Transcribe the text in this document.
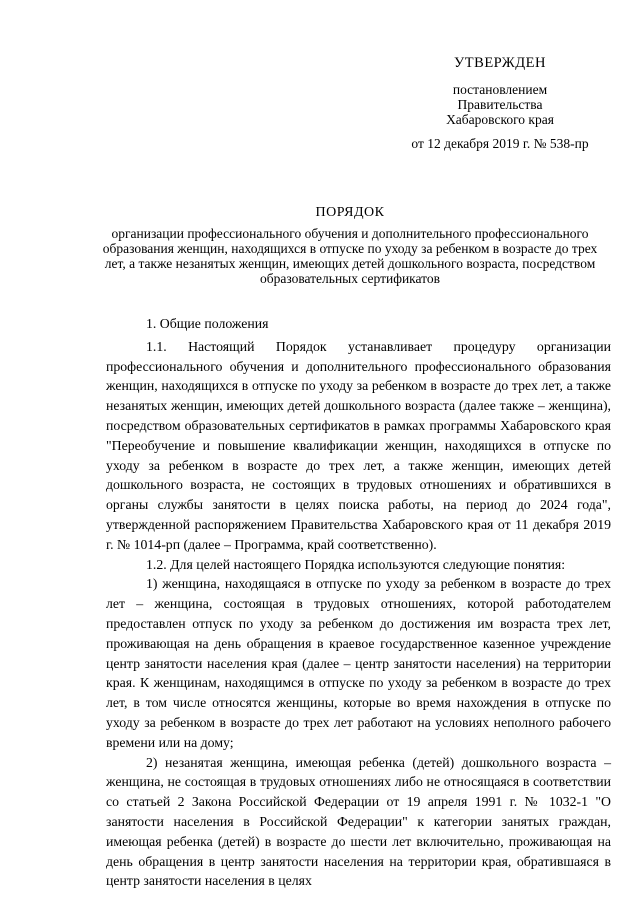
УТВЕРЖДЕН
постановлением
Правительства
Хабаровского края
от 12 декабря 2019 г. № 538-пр
ПОРЯДОК
организации профессионального обучения и дополнительного профессионального образования женщин, находящихся в отпуске по уходу за ребенком в возрасте до трех лет, а также незанятых женщин, имеющих детей дошкольного возраста, посредством образовательных сертификатов

1. Общие положения

1.1. Настоящий Порядок устанавливает процедуру организации профессионального обучения и дополнительного профессионального образования женщин, находящихся в отпуске по уходу за ребенком в возрасте до трех лет, а также незанятых женщин, имеющих детей дошкольного возраста (далее также – женщина), посредством образовательных сертификатов в рамках программы Хабаровского края "Переобучение и повышение квалификации женщин, находящихся в отпуске по уходу за ребенком в возрасте до трех лет, а также женщин, имеющих детей дошкольного возраста, не состоящих в трудовых отношениях и обратившихся в органы службы занятости в целях поиска работы, на период до 2024 года", утвержденной распоряжением Правительства Хабаровского края от 11 декабря 2019 г. № 1014-рп (далее – Программа, край соответственно).

1.2. Для целей настоящего Порядка используются следующие понятия:

1) женщина, находящаяся в отпуске по уходу за ребенком в возрасте до трех лет – женщина, состоящая в трудовых отношениях, которой работодателем предоставлен отпуск по уходу за ребенком до достижения им возраста трех лет, проживающая на день обращения в краевое государственное казенное учреждение центр занятости населения края (далее – центр занятости населения) на территории края. К женщинам, находящимся в отпуске по уходу за ребенком в возрасте до трех лет, в том числе относятся женщины, которые во время нахождения в отпуске по уходу за ребенком в возрасте до трех лет работают на условиях неполного рабочего времени или на дому;

2) незанятая женщина, имеющая ребенка (детей) дошкольного возраста – женщина, не состоящая в трудовых отношениях либо не относящаяся в соответствии со статьей 2 Закона Российской Федерации от 19 апреля 1991 г. № 1032-1 "О занятости населения в Российской Федерации" к категории занятых граждан, имеющая ребенка (детей) в возрасте до шести лет включительно, проживающая на день обращения в центр занятости населения на территории края, обратившаяся в центр занятости населения в целях
